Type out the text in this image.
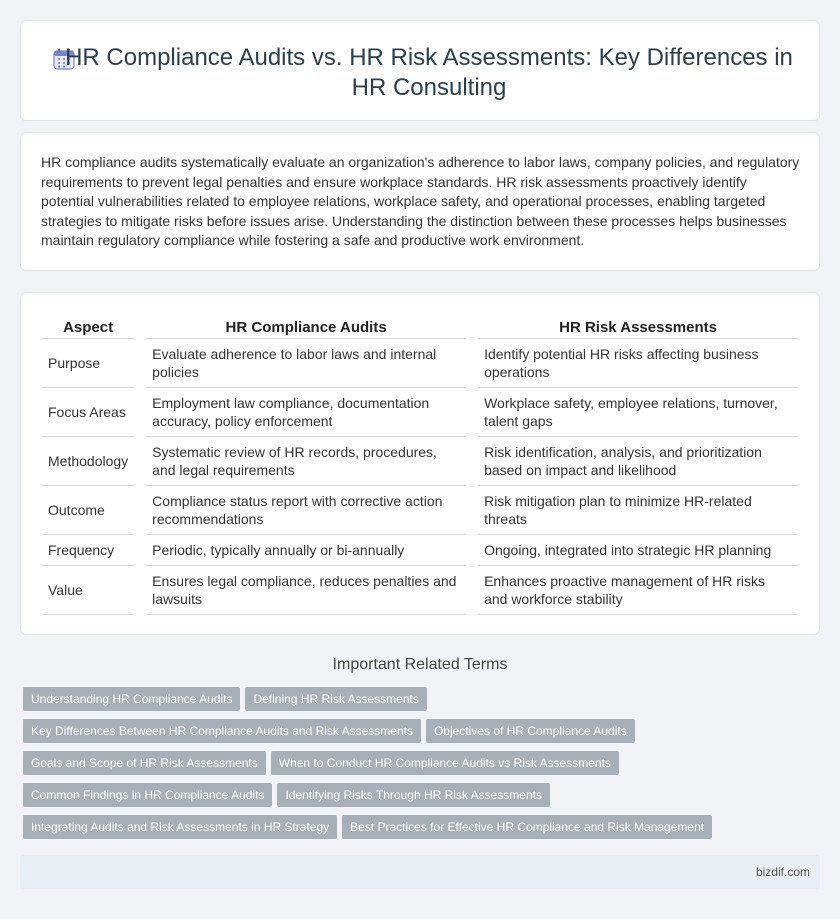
HR Compliance Audits vs. HR Risk Assessments: Key Differences in HR Consulting
HR compliance audits systematically evaluate an organization's adherence to labor laws, company policies, and regulatory requirements to prevent legal penalties and ensure workplace standards. HR risk assessments proactively identify potential vulnerabilities related to employee relations, workplace safety, and operational processes, enabling targeted strategies to mitigate risks before issues arise. Understanding the distinction between these processes helps businesses maintain regulatory compliance while fostering a safe and productive work environment.
Aspect		HR Compliance Audits		HR Risk Assessments
Purpose		Evaluate adherence to labor laws and internal policies		Identify potential HR risks affecting business operations
Focus Areas		Employment law compliance, documentation accuracy, policy enforcement		Workplace safety, employee relations, turnover, talent gaps
Methodology		Systematic review of HR records, procedures, and legal requirements		Risk identification, analysis, and prioritization based on impact and likelihood
Outcome		Compliance status report with corrective action recommendations		Risk mitigation plan to minimize HR-related threats
Frequency		Periodic, typically annually or bi-annually		Ongoing, integrated into strategic HR planning
Value		Ensures legal compliance, reduces penalties and lawsuits		Enhances proactive management of HR risks and workforce stability
Important Related Terms
Understanding HR Compliance Audits Defining HR Risk Assessments
Key Differences Between HR Compliance Audits and Risk Assessments Objectives of HR Compliance Audits
Goals and Scope of HR Risk Assessments When to Conduct HR Compliance Audits vs Risk Assessments
Common Findings in HR Compliance Audits Identifying Risks Through HR Risk Assessments
Integrating Audits and Risk Assessments in HR Strategy Best Practices for Effective HR Compliance and Risk Management
bizdif.com
